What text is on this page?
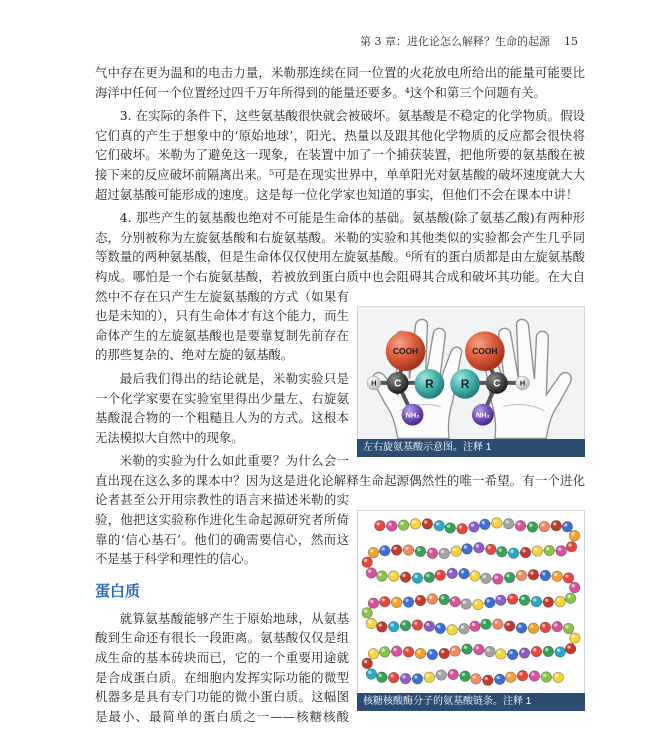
第 3 章：进化论怎么解释？生命的起源 15
COOH
C R
H
NH₂
COOH
C
R	H
NH₂
左右旋氨基酸示意图。注释 1
核糖核酸酶分子的氨基酸链条。注释 1

气中存在更为温和的电击力量，米勒那连续在同一位置的火花放电所给出的能量可能要比海洋中任何一个位置经过四千万年所得到的能量还要多。⁴这个和第三个问题有关。

3. 在实际的条件下，这些氨基酸很快就会被破坏。氨基酸是不稳定的化学物质。假设它们真的产生于想象中的‘原始地球’，阳光、热量以及跟其他化学物质的反应都会很快将它们破坏。米勒为了避免这一现象，在装置中加了一个捕获装置，把他所要的氨基酸在被接下来的反应破坏前隔离出来。⁵可是在现实世界中，单单阳光对氨基酸的破坏速度就大大超过氨基酸可能形成的速度。这是每一位化学家也知道的事实，但他们不会在课本中讲！

4. 那些产生的氨基酸也绝对不可能是生命体的基础。氨基酸(除了氨基乙酸)有两种形态，分别被称为左旋氨基酸和右旋氨基酸。米勒的实验和其他类似的实验都会产生几乎同等数量的两种氨基酸，但是生命体仅仅使用左旋氨基酸。⁶所有的蛋白质都是由左旋氨基酸构成。哪怕是一个右旋氨基酸，若被放到蛋白质中也会阻碍其合成和破坏其功能。在大自然中不存在只产生左旋氨基酸的方式（如果有也是未知的），只有生命体才有这个能力，而生命体产生的左旋氨基酸也是要靠复制先前存在的那些复杂的、绝对左旋的氨基酸。

最后我们得出的结论就是，米勒实验只是一个化学家要在实验室里得出少量左、右旋氨基酸混合物的一个粗糙且人为的方式。这根本无法模拟大自然中的现象。

米勒的实验为什么如此重要？为什么会一直出现在这么多的课本中？因为这是进化论解释生命起源偶然性的唯一希望。有一个进化论者甚至公开用宗教性的语言来描述米勒的实验，他把这实验称作进化生命起源研究者所倚靠的‘信心基石’。他们的确需要信心，然而这不是基于科学和理性的信心。

蛋白质

就算氨基酸能够产生于原始地球，从氨基酸到生命还有很长一段距离。氨基酸仅仅是组成生命的基本砖块而已，它的一个重要用途就是合成蛋白质。在细胞内发挥实际功能的微型机器多是具有专门功能的微小蛋白质。这幅图是最小、最简单的蛋白质之一——核糖核酸
